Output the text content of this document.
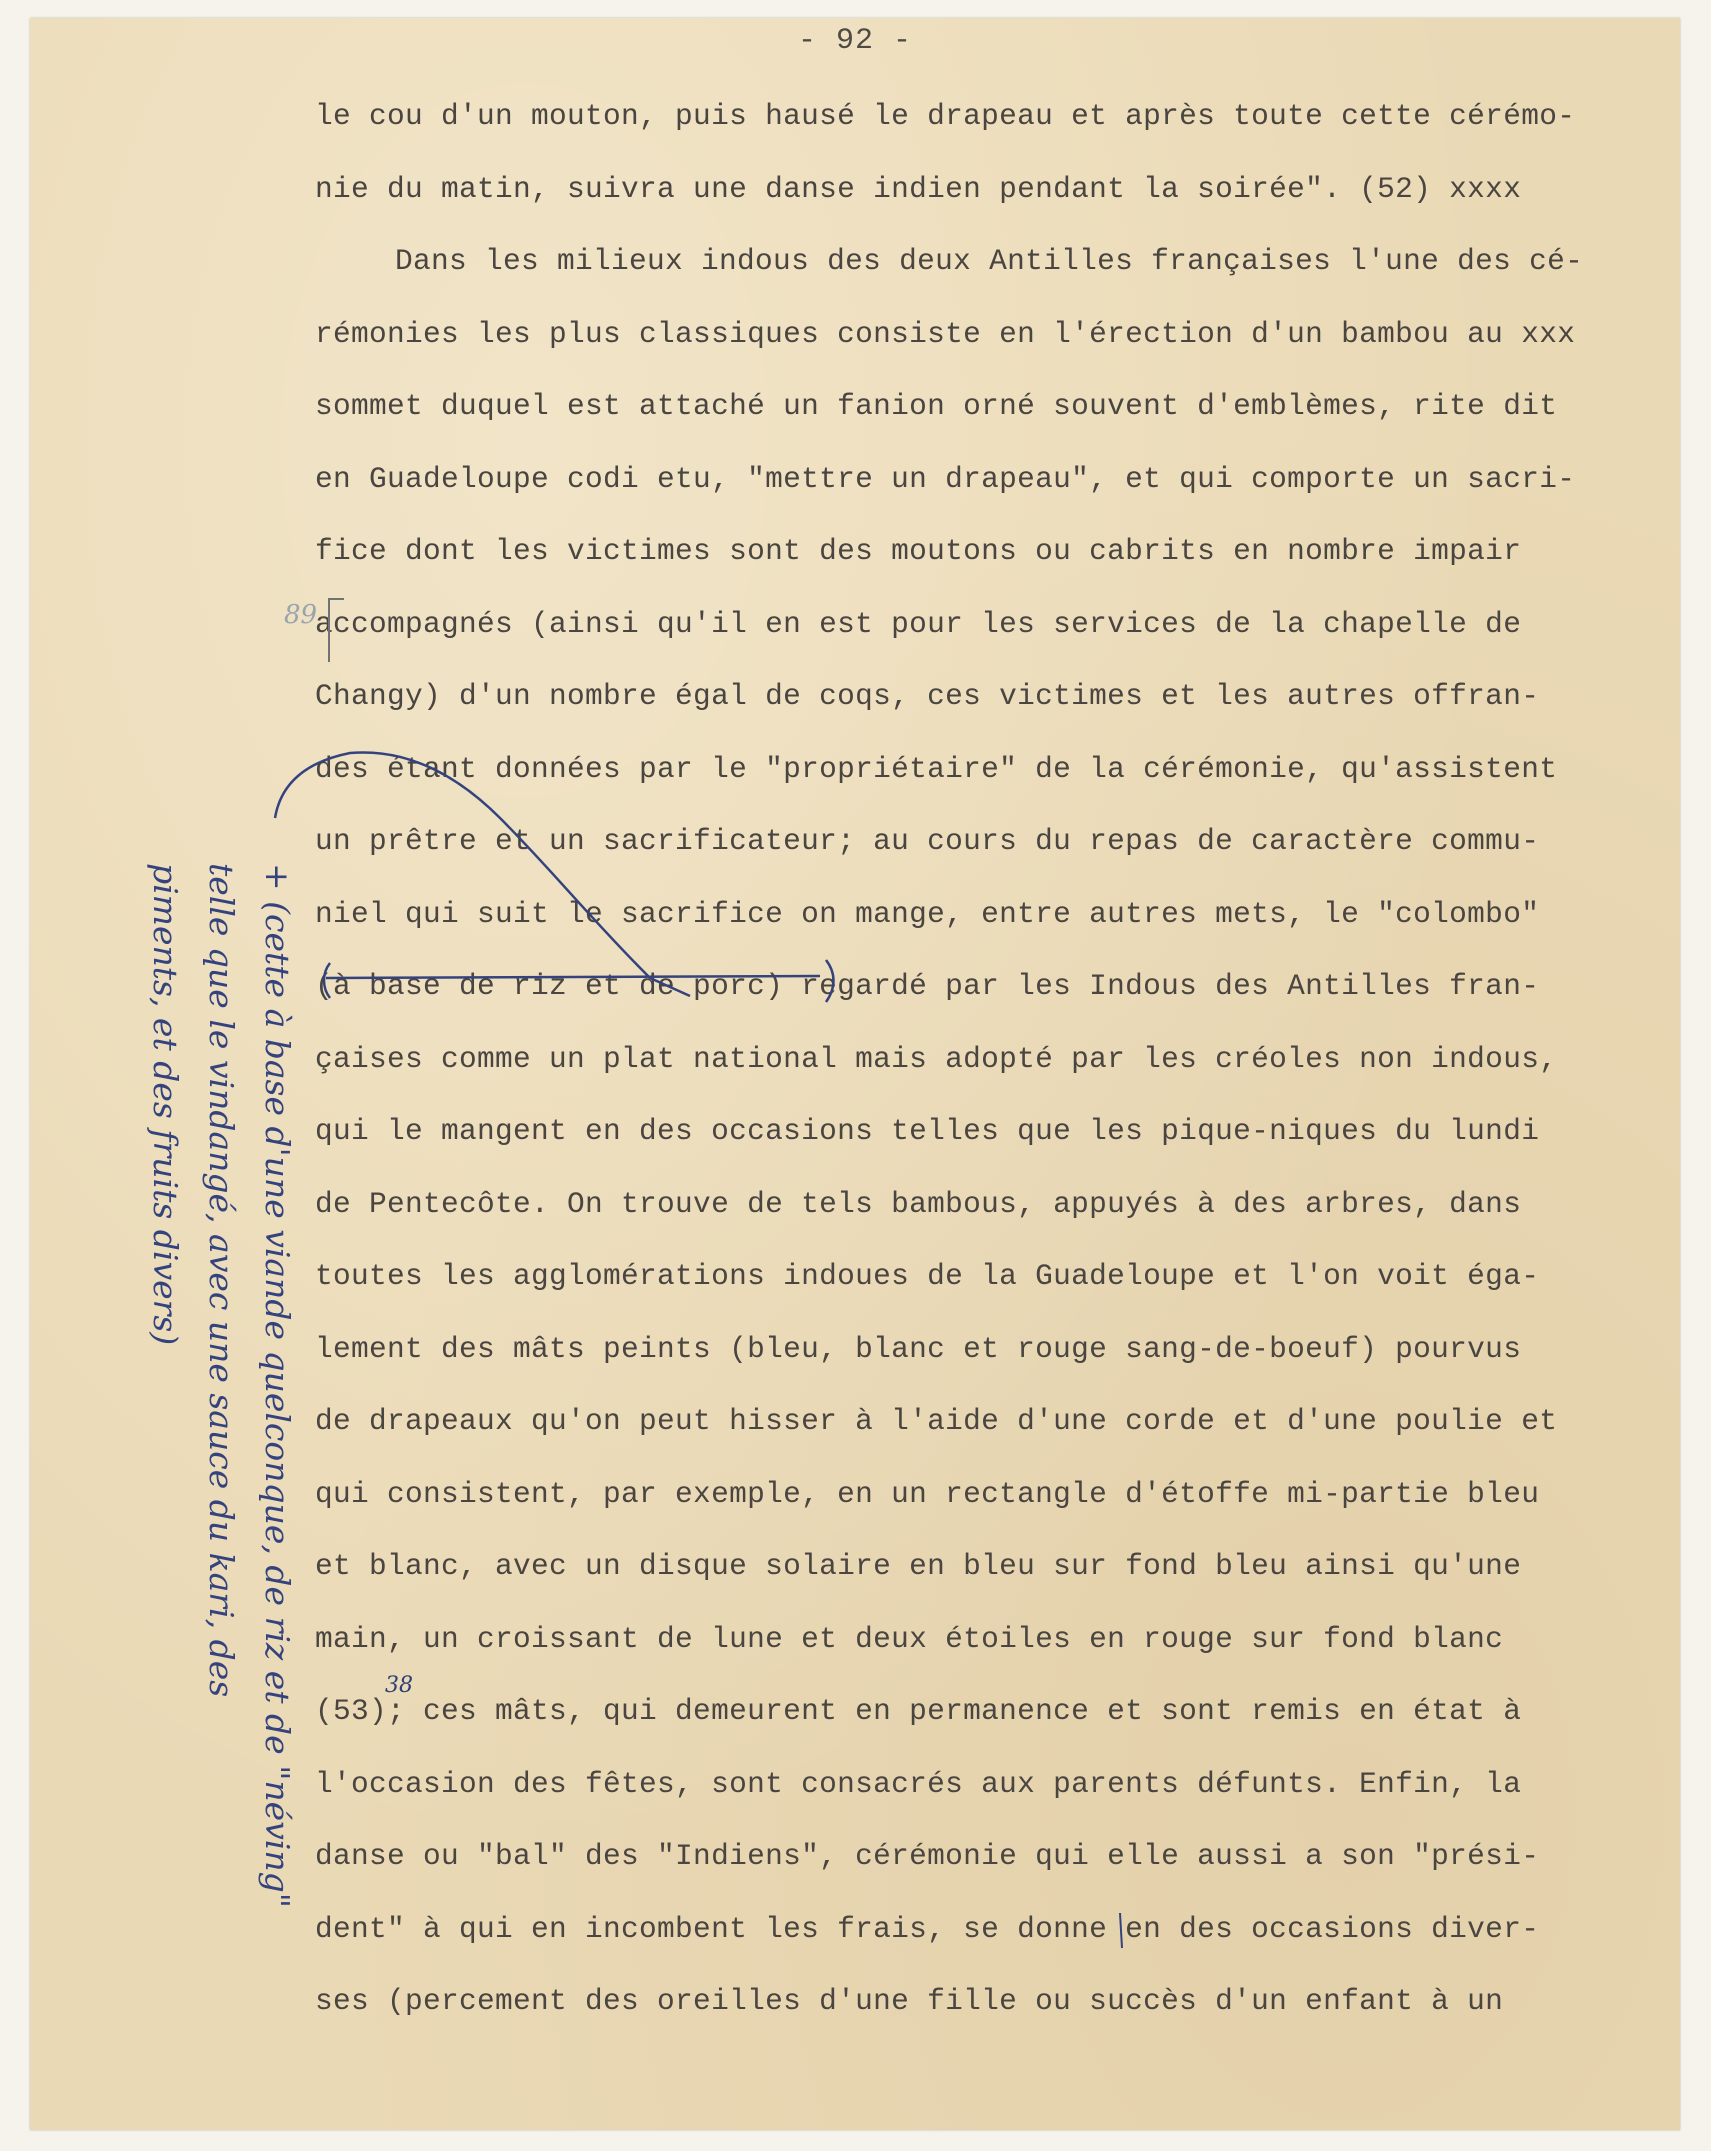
- 92 -
le cou d'un mouton, puis hausé le drapeau et après toute cette cérémo-
nie du matin, suivra une danse indien pendant la soirée". (52) xxxx
Dans les milieux indous des deux Antilles françaises l'une des cé-
rémonies les plus classiques consiste en l'érection d'un bambou au xxx
sommet duquel est attaché un fanion orné souvent d'emblèmes, rite dit
en Guadeloupe codi etu, "mettre un drapeau", et qui comporte un sacri-
fice dont les victimes sont des moutons ou cabrits en nombre impair
accompagnés (ainsi qu'il en est pour les services de la chapelle de
Changy) d'un nombre égal de coqs, ces victimes et les autres offran-
des étant données par le "propriétaire" de la cérémonie, qu'assistent
un prêtre et un sacrificateur; au cours du repas de caractère commu-
niel qui suit le sacrifice on mange, entre autres mets, le "colombo"
(à base de riz et de porc) regardé par les Indous des Antilles fran-
çaises comme un plat national mais adopté par les créoles non indous,
qui le mangent en des occasions telles que les pique-niques du lundi
de Pentecôte. On trouve de tels bambous, appuyés à des arbres, dans
toutes les agglomérations indoues de la Guadeloupe et l'on voit éga-
lement des mâts peints (bleu, blanc et rouge sang-de-boeuf) pourvus
de drapeaux qu'on peut hisser à l'aide d'une corde et d'une poulie et
qui consistent, par exemple, en un rectangle d'étoffe mi-partie bleu
et blanc, avec un disque solaire en bleu sur fond bleu ainsi qu'une
main, un croissant de lune et deux étoiles en rouge sur fond blanc
(53); ces mâts, qui demeurent en permanence et sont remis en état à
l'occasion des fêtes, sont consacrés aux parents défunts. Enfin, la
danse ou "bal" des "Indiens", cérémonie qui elle aussi a son "prési-
dent" à qui en incombent les frais, se donne en des occasions diver-
ses (percement des oreilles d'une fille ou succès d'un enfant à un
89
38
+ (cette à base d'une viande quelconque, de riz et de "néving"
telle que le vindangé, avec une sauce du kari, des
piments, et des fruits divers)
